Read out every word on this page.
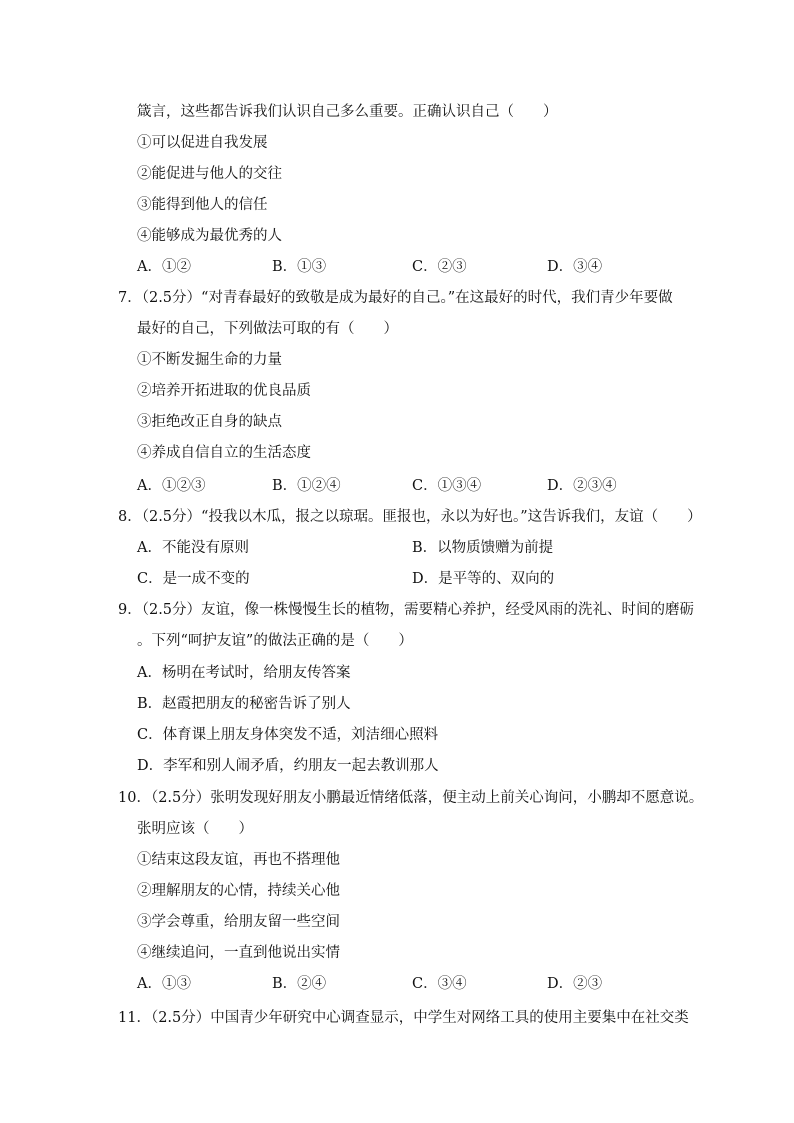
箴言，这些都告诉我们认识自己多么重要。正确认识自己（　　）
①可以促进自我发展
②能促进与他人的交往
③能得到他人的信任
④能够成为最优秀的人
A．①②	B．①③	C．②③	D．③④
7．（2.5分）“对青春最好的致敬是成为最好的自己。”在这最好的时代，我们青少年要做
最好的自己，下列做法可取的有（　　）
①不断发掘生命的力量
②培养开拓进取的优良品质
③拒绝改正自身的缺点
④养成自信自立的生活态度
A．①②③	B．①②④	C．①③④	D．②③④
8．（2.5分）“投我以木瓜，报之以琼琚。匪报也，永以为好也。”这告诉我们，友谊（　　）
A．不能没有原则	B．以物质馈赠为前提
C．是一成不变的	D．是平等的、双向的
9．（2.5分）友谊，像一株慢慢生长的植物，需要精心养护，经受风雨的洗礼、时间的磨砺
。下列“呵护友谊”的做法正确的是（　　）
A．杨明在考试时，给朋友传答案
B．赵霞把朋友的秘密告诉了别人
C．体育课上朋友身体突发不适，刘洁细心照料
D．李军和别人闹矛盾，约朋友一起去教训那人
10．（2.5分）张明发现好朋友小鹏最近情绪低落，便主动上前关心询问，小鹏却不愿意说。
张明应该（　　）
①结束这段友谊，再也不搭理他
②理解朋友的心情，持续关心他
③学会尊重，给朋友留一些空间
④继续追问，一直到他说出实情
A．①③	B．②④	C．③④	D．②③
11．（2.5分）中国青少年研究中心调查显示，中学生对网络工具的使用主要集中在社交类
